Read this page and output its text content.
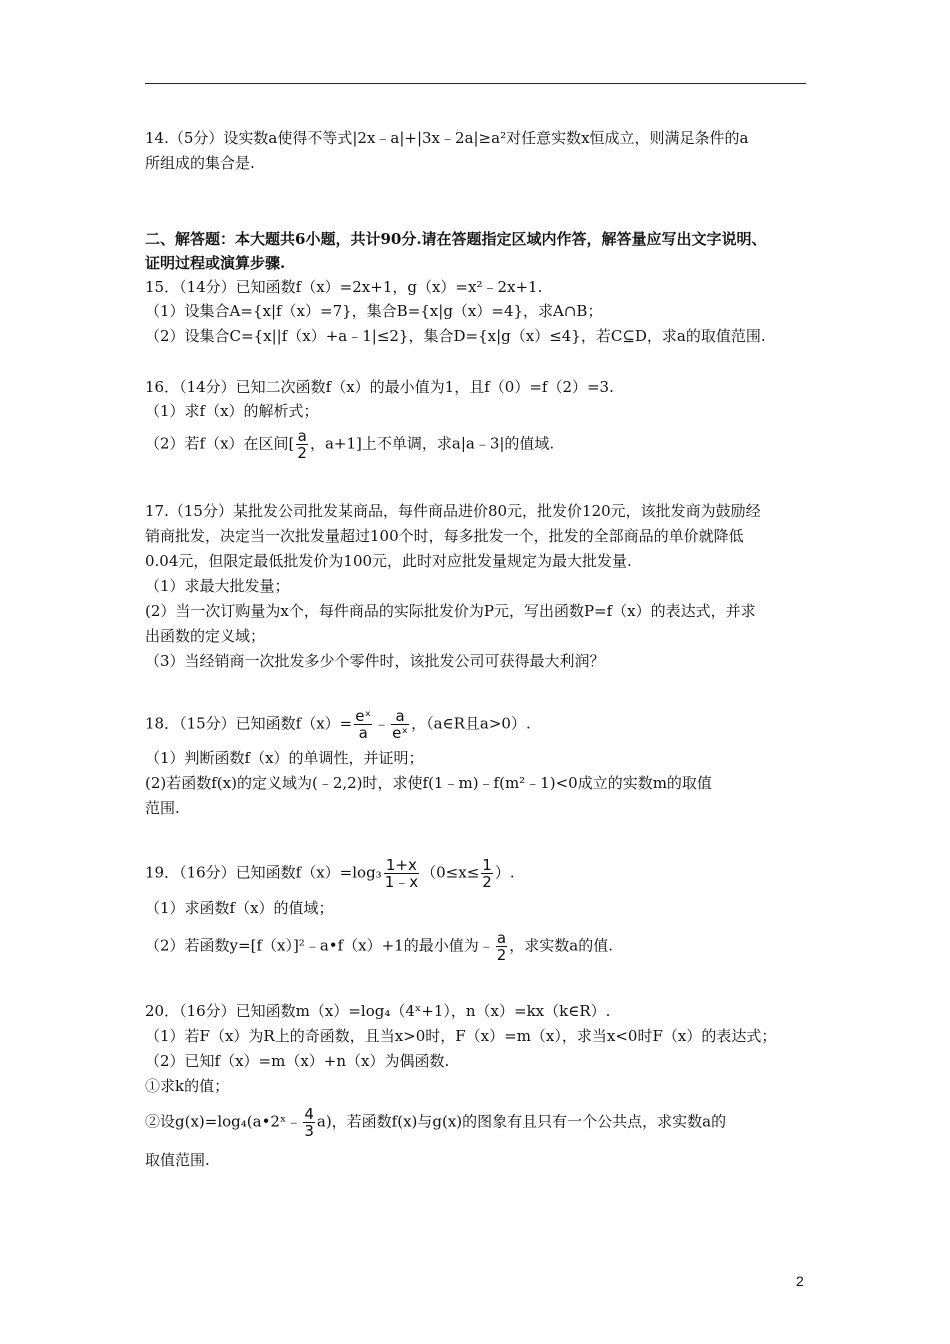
14.（5分）设实数a使得不等式|2x﹣a|+|3x﹣2a|≥a²对任意实数x恒成立，则满足条件的a
所组成的集合是.
二、解答题：本大题共6小题，共计90分.请在答题指定区域内作答，解答量应写出文字说明、
证明过程或演算步骤.
15．（14分）已知函数f（x）=2x+1，g（x）=x²﹣2x+1.
（1）设集合A={x|f（x）=7}，集合B={x|g（x）=4}，求A∩B；
（2）设集合C={x||f（x）+a﹣1|≤2}，集合D={x|g（x）≤4}，若C⊆D，求a的取值范围.
16．（14分）已知二次函数f（x）的最小值为1，且f（0）=f（2）=3.
（1）求f（x）的解析式；
（2）若f（x）在区间[ $\frac{a}{2}$ ，a+1]上不单调，求a|a﹣3|的值域.
17.（15分）某批发公司批发某商品，每件商品进价80元，批发价120元，该批发商为鼓励经
销商批发，决定当一次批发量超过100个时，每多批发一个，批发的全部商品的单价就降低
0.04元，但限定最低批发价为100元，此时对应批发量规定为最大批发量.
（1）求最大批发量；
(2）当一次订购量为x个，每件商品的实际批发价为P元，写出函数P=f（x）的表达式，并求
出函数的定义域；
（3）当经销商一次批发多少个零件时，该批发公司可获得最大利润？
18．（15分）已知函数$f(x)= \frac{\text{eˣ}}{a}$ ﹣ $\frac{a}{\text{eˣ}}$ ，（a∈R且a>0）.
（1）判断函数f（x）的单调性，并证明；
(2)若函数f(x)的定义域为(﹣2,2)时，求使f(1﹣m)﹣f(m²﹣1)<0成立的实数m的取值
范围.
19．（16分）已知函数$f(x)=\log_3 \frac{1+x}{1﹣x} (0\le x\le \frac{1}{2}$ ）.
（1）求函数f（x）的值域；
（2）若函数y=[f（x）]²﹣a•f（x）+1的最小值为﹣ $\frac{a}{2}$ ，求实数a的值.
20．（16分）已知函数m（x）=log₄（4ˣ+1），n（x）=kx（k∈R）.
（1）若F（x）为R上的奇函数，且当x>0时，F（x）=m（x），求当x<0时F（x）的表达式；
（2）已知f（x）=m（x）+n（x）为偶函数.
①求k的值；
②设g(x)=log₄(a•2ˣ﹣ $\frac{4}{3} a$)，若函数f(x)与g(x)的图象有且只有一个公共点，求实数a的
取值范围.
2
